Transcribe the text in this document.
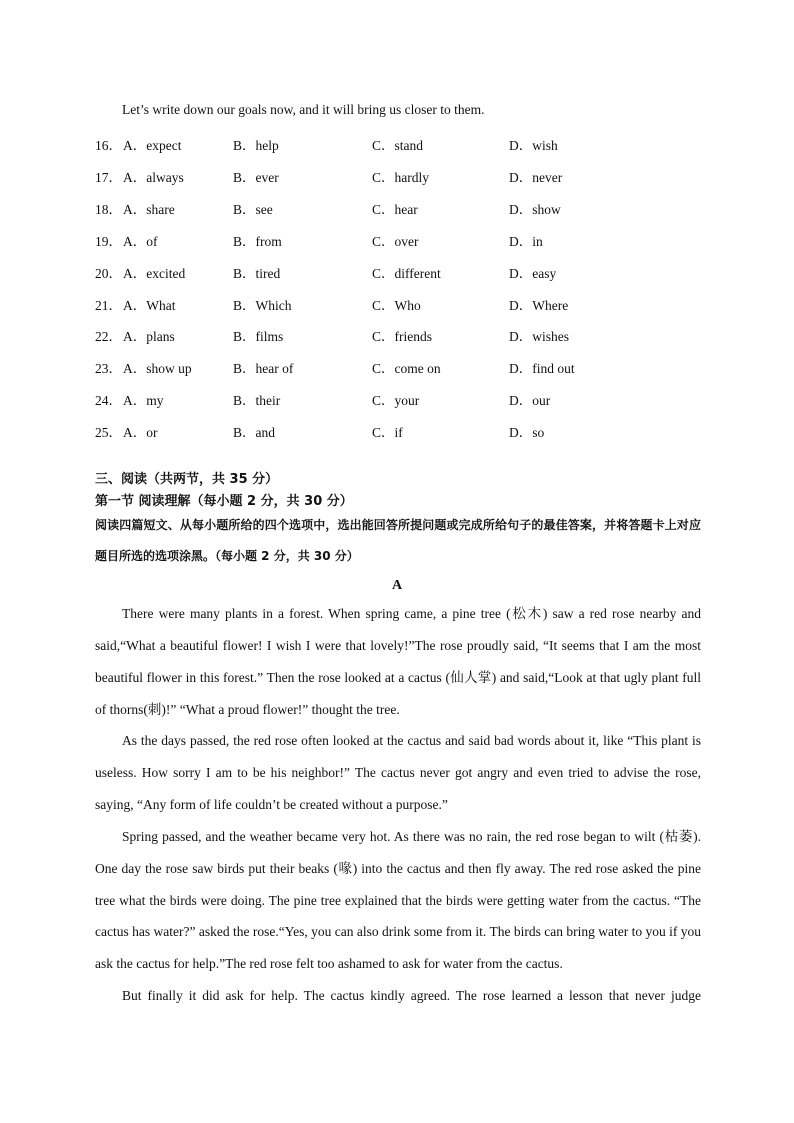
Let’s write down our goals now, and it will bring us closer to them.
16． A．expect	B．help	C．stand	D．wish
17． A．always	B．ever	C．hardly	D．never
18． A．share	B．see	C．hear	D．show
19． A．of	B．from	C．over	D．in
20． A．excited	B．tired	C．different	D．easy
21． A．What	B．Which	C．Who	D．Where
22． A．plans	B．films	C．friends	D．wishes
23． A．show up	B．hear of	C．come on	D．find out
24． A．my	B．their	C．your	D．our
25． A．or	B．and	C．if	D．so
三、阅读（共两节，共 35 分）
第一节 阅读理解（每小题 2 分，共 30 分）
阅读四篇短文、从每小题所给的四个选项中，选出能回答所提问题或完成所给句子的最佳答案，并将答题卡上对应题目所选的选项涂黑。（每小题 2 分，共 30 分）
A

There were many plants in a forest. When spring came, a pine tree (松木) saw a red rose nearby and said,“What a beautiful flower! I wish I were that lovely!”The rose proudly said, “It seems that I am the most beautiful flower in this forest.” Then the rose looked at a cactus (仙人掌) and said,“Look at that ugly plant full of thorns(刺)!” “What a proud flower!” thought the tree.

As the days passed, the red rose often looked at the cactus and said bad words about it, like “This plant is useless. How sorry I am to be his neighbor!” The cactus never got angry and even tried to advise the rose, saying, “Any form of life couldn’t be created without a purpose.”

Spring passed, and the weather became very hot. As there was no rain, the red rose began to wilt (枯萎). One day the rose saw birds put their beaks (喙) into the cactus and then fly away. The red rose asked the pine tree what the birds were doing. The pine tree explained that the birds were getting water from the cactus. “The cactus has water?” asked the rose.“Yes, you can also drink some from it. The birds can bring water to you if you ask the cactus for help.”The red rose felt too ashamed to ask for water from the cactus.

But finally it did ask for help. The cactus kindly agreed. The rose learned a lesson that never judge
